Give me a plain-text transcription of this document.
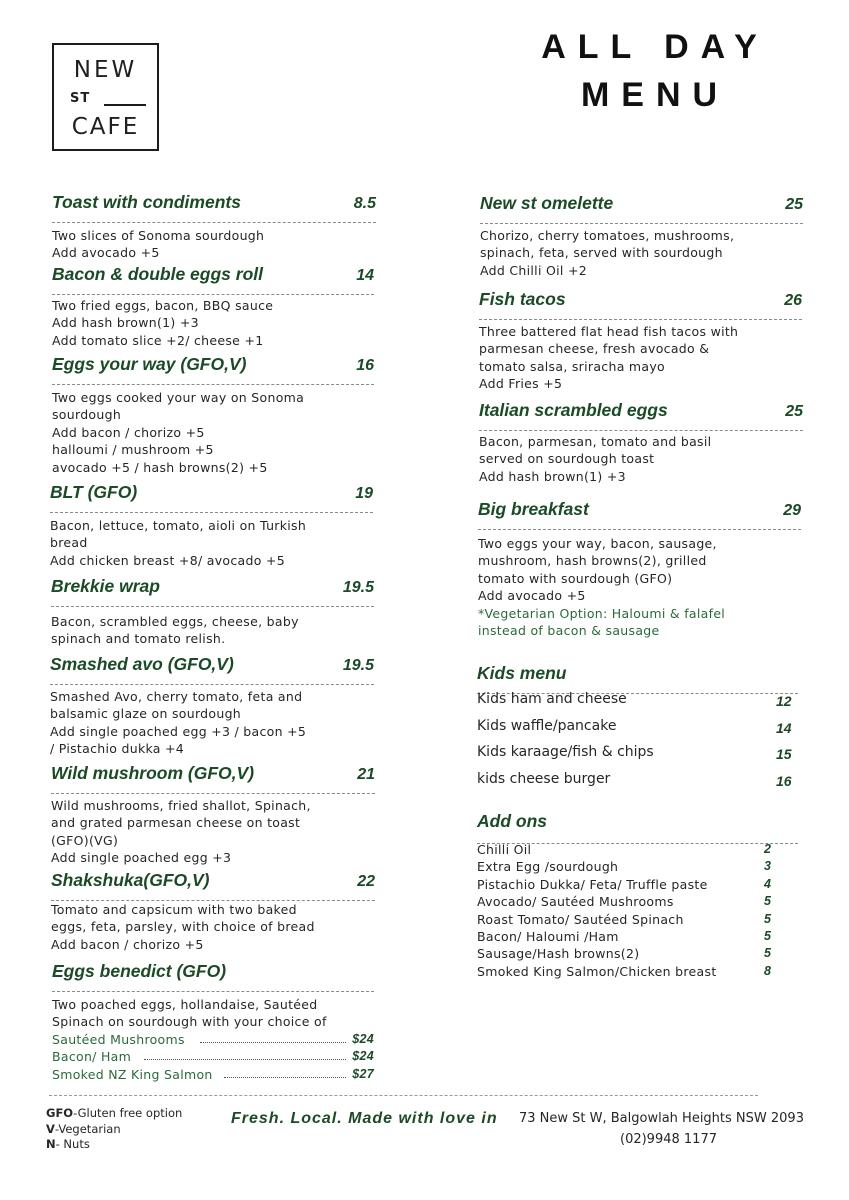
NEW
ST
CAFE
ALL DAY
MENU
Toast with condiments	8.5
Two slices of Sonoma sourdough
Add avocado +5
Bacon & double eggs roll	14
Two fried eggs, bacon, BBQ sauce
Add hash brown(1) +3
Add tomato slice +2/ cheese +1
Eggs your way (GFO,V)	16
Two eggs cooked your way on Sonoma
sourdough
Add bacon / chorizo +5
halloumi / mushroom +5
avocado +5 / hash browns(2) +5
BLT (GFO)	19
Bacon, lettuce, tomato, aioli on Turkish
bread
Add chicken breast +8/ avocado +5
Brekkie wrap	19.5
Bacon, scrambled eggs, cheese, baby
spinach and tomato relish.
Smashed avo (GFO,V)	19.5
Smashed Avo, cherry tomato, feta and
balsamic glaze on sourdough
Add single poached egg +3 / bacon +5
/ Pistachio dukka +4
Wild mushroom (GFO,V)	21
Wild mushrooms, fried shallot, Spinach,
and grated parmesan cheese on toast
(GFO)(VG)
Add single poached egg +3
Shakshuka(GFO,V)	22
Tomato and capsicum with two baked
eggs, feta, parsley, with choice of bread
Add bacon / chorizo +5
Eggs benedict (GFO)
Two poached eggs, hollandaise, Sautéed
Spinach on sourdough with your choice of
Sautéed Mushrooms	$24
Bacon/ Ham	$24
Smoked NZ King Salmon	$27
New st omelette	25
Chorizo, cherry tomatoes, mushrooms,
spinach, feta, served with sourdough
Add Chilli Oil +2
Fish tacos	26
Three battered flat head fish tacos with
parmesan cheese, fresh avocado &
tomato salsa, sriracha mayo
Add Fries +5
Italian scrambled eggs	25
Bacon, parmesan, tomato and basil
served on sourdough toast
Add hash brown(1) +3
Big breakfast	29
Two eggs your way, bacon, sausage,
mushroom, hash browns(2), grilled
tomato with sourdough (GFO)
Add avocado +5
*Vegetarian Option: Haloumi & falafel
instead of bacon & sausage
Kids menu
Kids ham and cheese	12
Kids waffle/pancake	14
Kids karaage/fish & chips	15
kids cheese burger	16
Add ons
Chilli Oil	2
Extra Egg /sourdough	3
Pistachio Dukka/ Feta/ Truffle paste	4
Avocado/ Sautéed Mushrooms	5
Roast Tomato/ Sautéed Spinach	5
Bacon/ Haloumi /Ham	5
Sausage/Hash browns(2)	5
Smoked King Salmon/Chicken breast	8
GFO-Gluten free option
V-Vegetarian
N- Nuts
Fresh. Local. Made with love in 73 New St W, Balgowlah Heights NSW 2093
(02)9948 1177
